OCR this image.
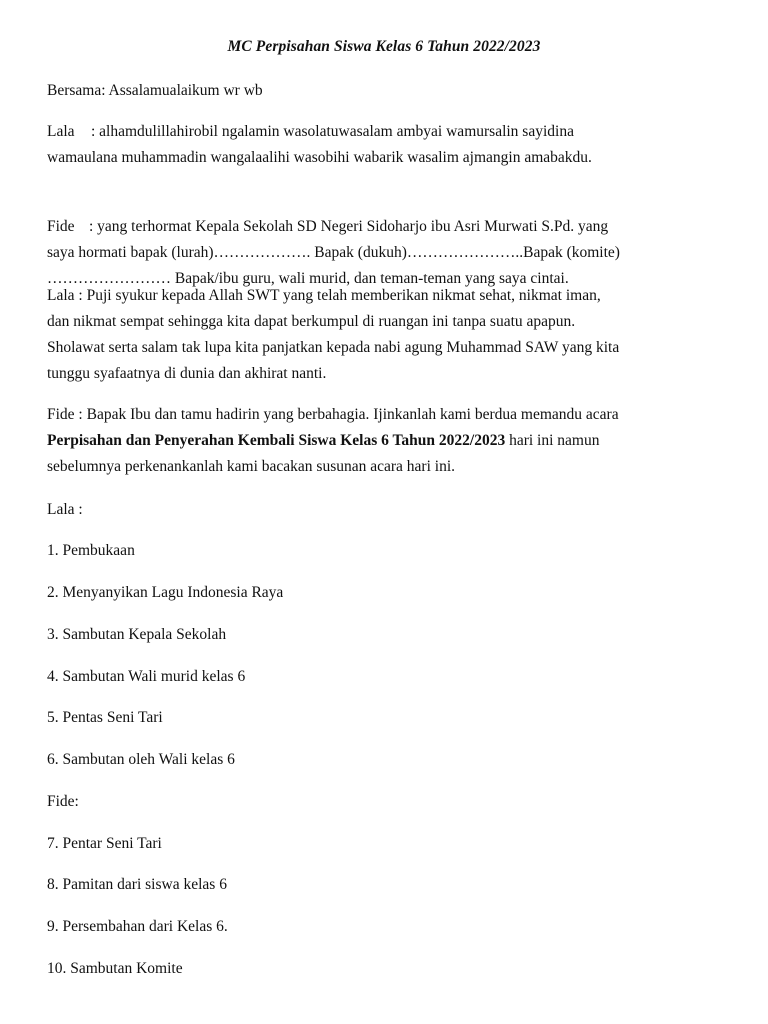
MC Perpisahan Siswa Kelas 6 Tahun 2022/2023

Bersama: Assalamualaikum wr wb

Lala : alhamdulillahirobil ngalamin wasolatuwasalam ambyai wamursalin sayidina
wamaulana muhammadin wangalaalihi wasobihi wabarik wasalim ajmangin amabakdu.

Fide : yang terhormat Kepala Sekolah SD Negeri Sidoharjo ibu Asri Murwati S.Pd. yang
saya hormati bapak (lurah)………………. Bapak (dukuh)…………………..Bapak (komite)
…………………… Bapak/ibu guru, wali murid, dan teman-teman yang saya cintai.

Lala : Puji syukur kepada Allah SWT yang telah memberikan nikmat sehat, nikmat iman,
dan nikmat sempat sehingga kita dapat berkumpul di ruangan ini tanpa suatu apapun.
Sholawat serta salam tak lupa kita panjatkan kepada nabi agung Muhammad SAW yang kita
tunggu syafaatnya di dunia dan akhirat nanti.

Fide : Bapak Ibu dan tamu hadirin yang berbahagia. Ijinkanlah kami berdua memandu acara
Perpisahan dan Penyerahan Kembali Siswa Kelas 6 Tahun 2022/2023 hari ini namun
sebelumnya perkenankanlah kami bacakan susunan acara hari ini.

Lala :
1. Pembukaan
2. Menyanyikan Lagu Indonesia Raya
3. Sambutan Kepala Sekolah
4. Sambutan Wali murid kelas 6
5. Pentas Seni Tari
6. Sambutan oleh Wali kelas 6
Fide:
7. Pentar Seni Tari
8. Pamitan dari siswa kelas 6
9. Persembahan dari Kelas 6.
10. Sambutan Komite
